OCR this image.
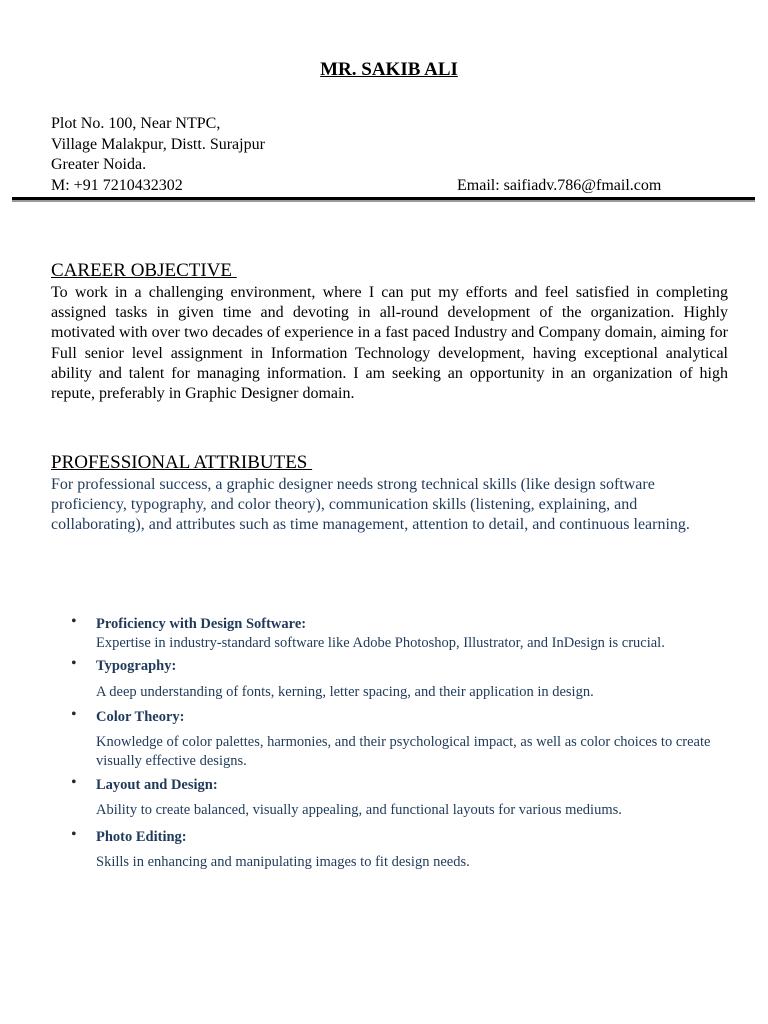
MR. SAKIB ALI
Plot No. 100, Near NTPC,
Village Malakpur, Distt. Surajpur
Greater Noida.
M: +91 7210432302	Email: saifiadv.786@fmail.com
CAREER OBJECTIVE
To work in a challenging environment, where I can put my efforts and feel satisfied in completing assigned tasks in given time and devoting in all-round development of the organization. Highly motivated with over two decades of experience in a fast paced Industry and Company domain, aiming for Full senior level assignment in Information Technology development, having exceptional analytical ability and talent for managing information. I am seeking an opportunity in an organization of high repute, preferably in Graphic Designer domain.
PROFESSIONAL ATTRIBUTES
For professional success, a graphic designer needs strong technical skills (like design software proficiency, typography, and color theory), communication skills (listening, explaining, and collaborating), and attributes such as time management, attention to detail, and continuous learning.
• Proficiency with Design Software:
Expertise in industry-standard software like Adobe Photoshop, Illustrator, and InDesign is crucial.
• Typography:
A deep understanding of fonts, kerning, letter spacing, and their application in design.
• Color Theory:
Knowledge of color palettes, harmonies, and their psychological impact, as well as color choices to create visually effective designs.
• Layout and Design:
Ability to create balanced, visually appealing, and functional layouts for various mediums.
• Photo Editing:
Skills in enhancing and manipulating images to fit design needs.
